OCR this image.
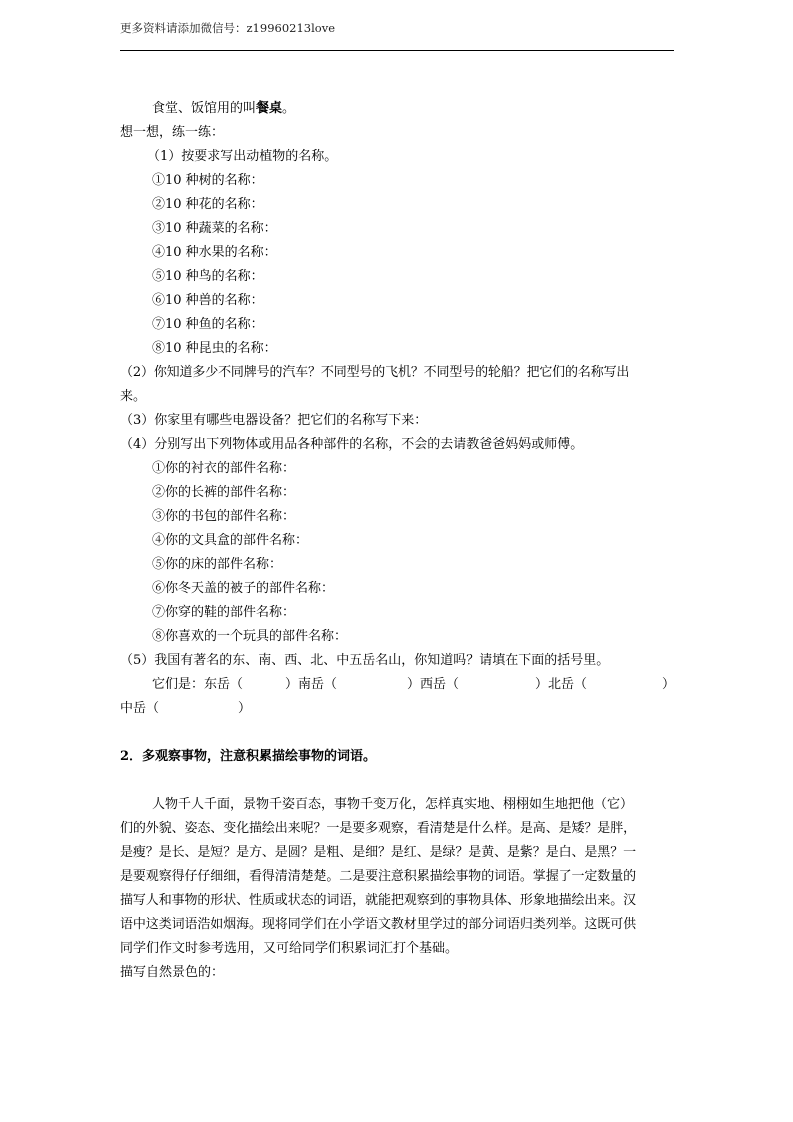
更多资料请添加微信号：z19960213love
食堂、饭馆用的叫餐桌。
想一想，练一练：
（1）按要求写出动植物的名称。
①10 种树的名称：
②10 种花的名称：
③10 种蔬菜的名称：
④10 种水果的名称：
⑤10 种鸟的名称：
⑥10 种兽的名称：
⑦10 种鱼的名称：
⑧10 种昆虫的名称：
（2）你知道多少不同牌号的汽车？不同型号的飞机？不同型号的轮船？把它们的名称写出
来。
（3）你家里有哪些电器设备？把它们的名称写下来：
（4）分别写出下列物体或用品各种部件的名称，不会的去请教爸爸妈妈或师傅。
①你的衬衣的部件名称：
②你的长裤的部件名称：
③你的书包的部件名称：
④你的文具盒的部件名称：
⑤你的床的部件名称：
⑥你冬天盖的被子的部件名称：
⑦你穿的鞋的部件名称：
⑧你喜欢的一个玩具的部件名称：
（5）我国有著名的东、南、西、北、中五岳名山，你知道吗？请填在下面的括号里。
它们是：东岳（	）南岳（	）西岳（	）北岳（	）
中岳（	）
2．多观察事物，注意积累描绘事物的词语。
人物千人千面，景物千姿百态，事物千变万化，怎样真实地、栩栩如生地把他（它）
们的外貌、姿态、变化描绘出来呢？一是要多观察，看清楚是什么样。是高、是矮？是胖，
是瘦？是长、是短？是方、是圆？是粗、是细？是红、是绿？是黄、是紫？是白、是黑？一
是要观察得仔仔细细，看得清清楚楚。二是要注意积累描绘事物的词语。掌握了一定数量的
描写人和事物的形状、性质或状态的词语，就能把观察到的事物具体、形象地描绘出来。汉
语中这类词语浩如烟海。现将同学们在小学语文教材里学过的部分词语归类列举。这既可供
同学们作文时参考选用，又可给同学们积累词汇打个基础。
描写自然景色的：
